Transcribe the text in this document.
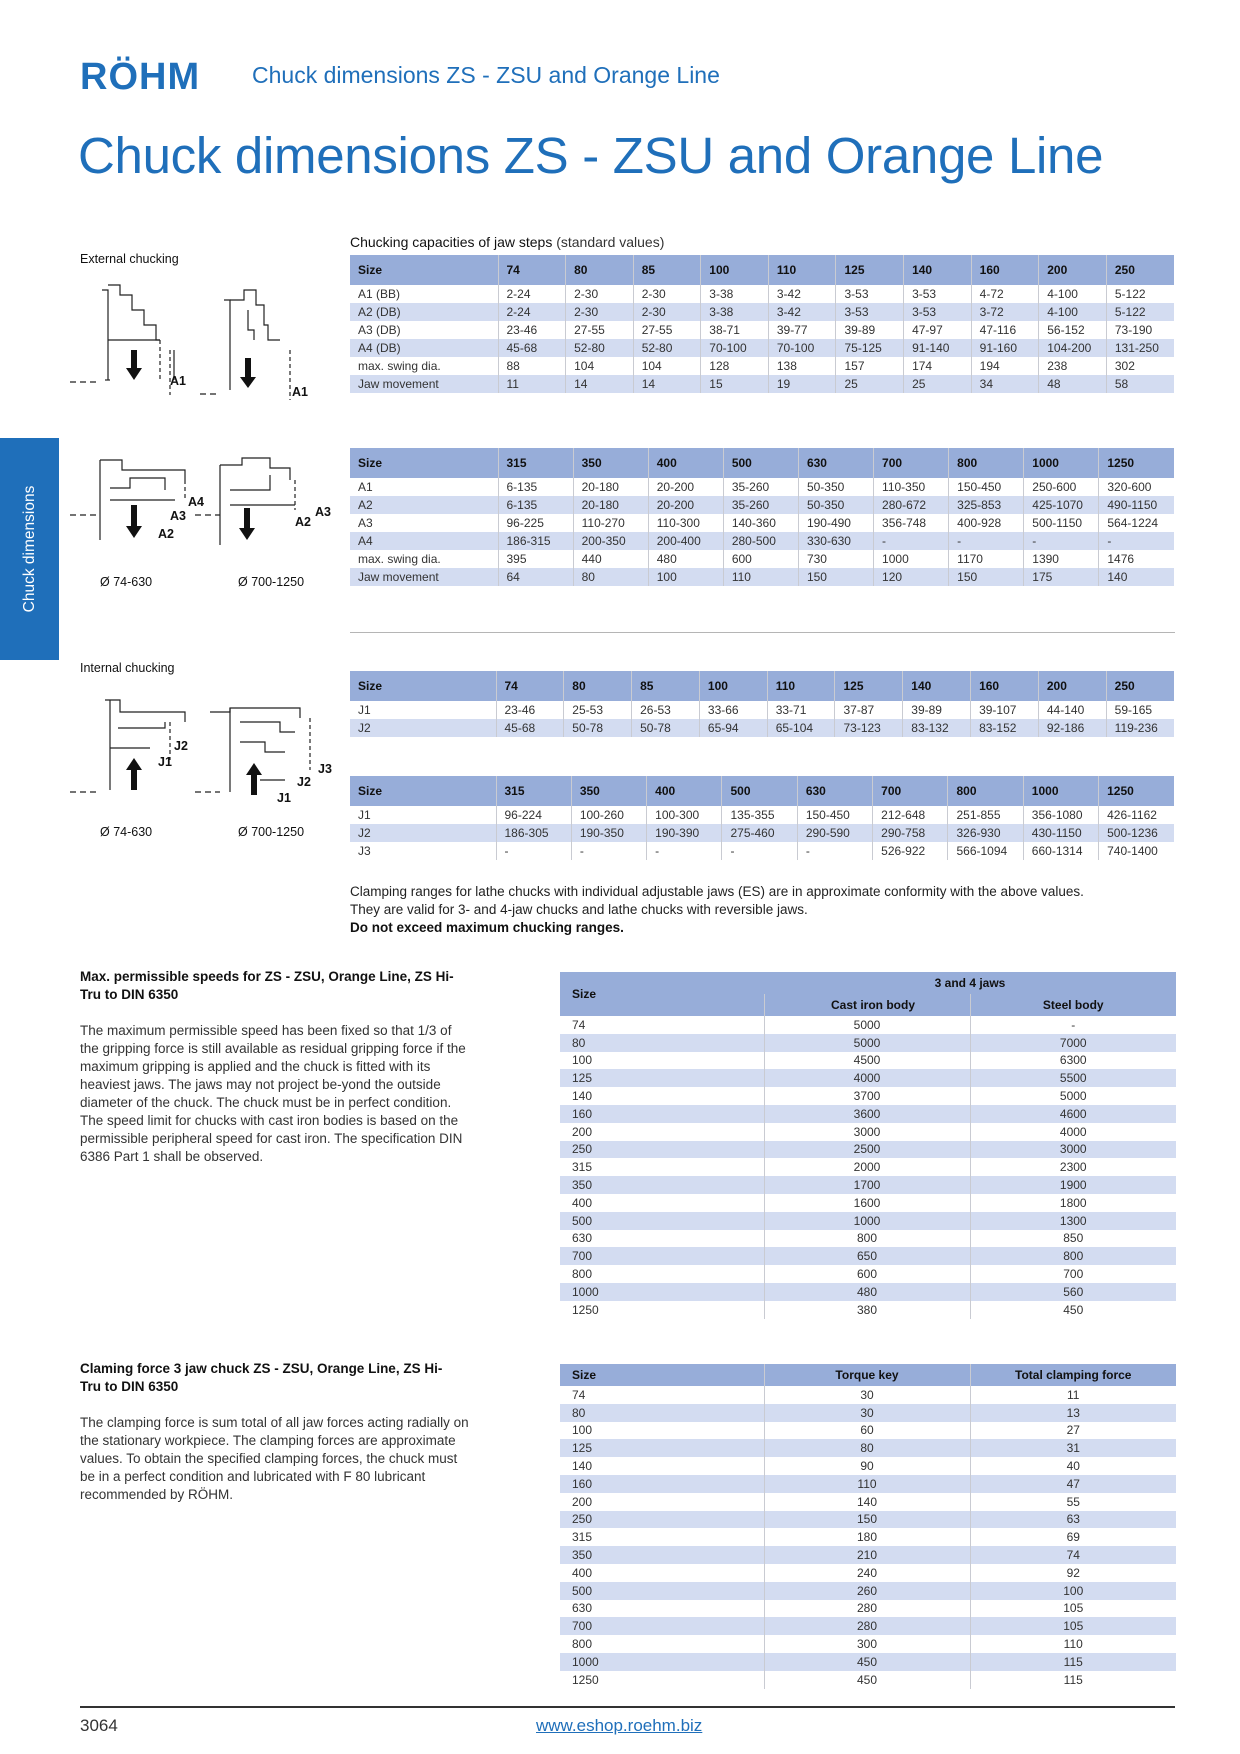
RÖHM Chuck dimensions ZS - ZSU and Orange Line
Chuck dimensions ZS - ZSU and Orange Line
Chuck dimensions
External chucking
A1
A1
A4
A3
A2
A3
A2
Ø 74-630	Ø 700-1250
Chucking capacities of jaw steps (standard values)
Size	74	80	85	100	110	125	140	160	200	250
A1 (BB)	2-24	2-30	2-30	3-38	3-42	3-53	3-53	4-72	4-100	5-122
A2 (DB)	2-24	2-30	2-30	3-38	3-42	3-53	3-53	3-72	4-100	5-122
A3 (DB)	23-46	27-55	27-55	38-71	39-77	39-89	47-97	47-116	56-152	73-190
A4 (DB)	45-68	52-80	52-80	70-100	70-100	75-125	91-140	91-160	104-200	131-250
max. swing dia.	88	104	104	128	138	157	174	194	238	302
Jaw movement	11	14	14	15	19	25	25	34	48	58
Size	315	350	400	500	630	700	800	1000	1250
A1	6-135	20-180	20-200	35-260	50-350	110-350	150-450	250-600	320-600
A2	6-135	20-180	20-200	35-260	50-350	280-672	325-853	425-1070	490-1150
A3	96-225	110-270	110-300	140-360	190-490	356-748	400-928	500-1150	564-1224
A4	186-315	200-350	200-400	280-500	330-630	-	-	-	-
max. swing dia.	395	440	480	600	730	1000	1170	1390	1476
Jaw movement	64	80	100	110	150	120	150	175	140
Internal chucking
J2
J1	J3
J2
J1
Ø 74-630	Ø 700-1250
Size	74	80	85	100	110	125	140	160	200	250
J1	23-46	25-53	26-53	33-66	33-71	37-87	39-89	39-107	44-140	59-165
J2	45-68	50-78	50-78	65-94	65-104	73-123	83-132	83-152	92-186	119-236
Size	315	350	400	500	630	700	800	1000	1250
J1	96-224	100-260	100-300	135-355	150-450	212-648	251-855	356-1080	426-1162
J2	186-305	190-350	190-390	275-460	290-590	290-758	326-930	430-1150	500-1236
J3	-	-	-	-	-	526-922	566-1094	660-1314	740-1400
Clamping ranges for lathe chucks with individual adjustable jaws (ES) are in approximate conformity with the above values. They are valid for 3- and 4-jaw chucks and lathe chucks with reversible jaws.
Do not exceed maximum chucking ranges.
Max. permissible speeds for ZS - ZSU, Orange Line, ZS Hi-Tru to DIN 6350
The maximum permissible speed has been fixed so that 1/3 of the gripping force is still available as residual gripping force if the maximum gripping is applied and the chuck is fitted with its heaviest jaws. The jaws may not project be-yond the outside diameter of the chuck. The chuck must be in perfect condition. The speed limit for chucks with cast iron bodies is based on the permissible peripheral speed for cast iron. The specification DIN 6386 Part 1 shall be observed.
Size	3 and 4 jaws	
	Cast iron body	Steel body
74	5000	-
80	5000	7000
100	4500	6300
125	4000	5500
140	3700	5000
160	3600	4600
200	3000	4000
250	2500	3000
315	2000	2300
350	1700	1900
400	1600	1800
500	1000	1300
630	800	850
700	650	800
800	600	700
1000	480	560
1250	380	450
Claming force 3 jaw chuck ZS - ZSU, Orange Line, ZS Hi-Tru to DIN 6350
The clamping force is sum total of all jaw forces acting radially on the stationary workpiece. The clamping forces are approximate values. To obtain the specified clamping forces, the chuck must be in a perfect condition and lubricated with F 80 lubricant recommended by RÖHM.
Size	Torque key	Total clamping force
74	30	11
80	30	13
100	60	27
125	80	31
140	90	40
160	110	47
200	140	55
250	150	63
315	180	69
350	210	74
400	240	92
500	260	100
630	280	105
700	280	105
800	300	110
1000	450	115
1250	450	115
3064	www.eshop.roehm.biz
